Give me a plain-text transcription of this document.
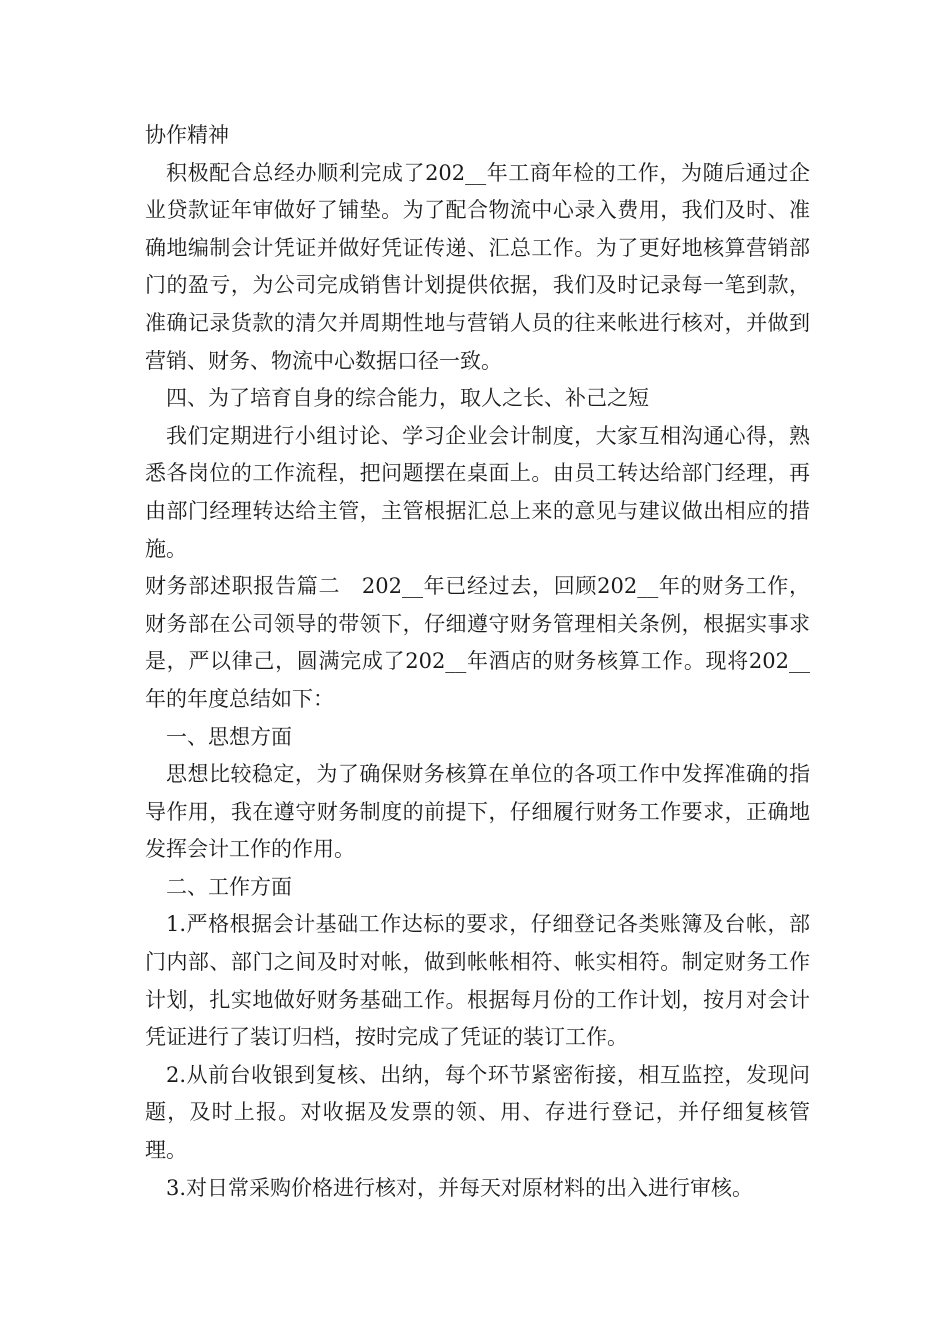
协作精神

积极配合总经办顺利完成了202__年工商年检的工作，为随后通过企业贷款证年审做好了铺垫。为了配合物流中心录入费用，我们及时、准确地编制会计凭证并做好凭证传递、汇总工作。为了更好地核算营销部门的盈亏，为公司完成销售计划提供依据，我们及时记录每一笔到款，准确记录货款的清欠并周期性地与营销人员的往来帐进行核对，并做到营销、财务、物流中心数据口径一致。

四、为了培育自身的综合能力，取人之长、补己之短

我们定期进行小组讨论、学习企业会计制度，大家互相沟通心得，熟悉各岗位的工作流程，把问题摆在桌面上。由员工转达给部门经理，再由部门经理转达给主管，主管根据汇总上来的意见与建议做出相应的措施。

财务部述职报告篇二　202__年已经过去，回顾202__年的财务工作，财务部在公司领导的带领下，仔细遵守财务管理相关条例，根据实事求是，严以律己，圆满完成了202__年酒店的财务核算工作。现将202__年的年度总结如下：

一、思想方面

思想比较稳定，为了确保财务核算在单位的各项工作中发挥准确的指导作用，我在遵守财务制度的前提下，仔细履行财务工作要求，正确地发挥会计工作的作用。

二、工作方面

1.严格根据会计基础工作达标的要求，仔细登记各类账簿及台帐，部门内部、部门之间及时对帐，做到帐帐相符、帐实相符。制定财务工作计划，扎实地做好财务基础工作。根据每月份的工作计划，按月对会计凭证进行了装订归档，按时完成了凭证的装订工作。

2.从前台收银到复核、出纳，每个环节紧密衔接，相互监控，发现问题，及时上报。对收据及发票的领、用、存进行登记，并仔细复核管理。

3.对日常采购价格进行核对，并每天对原材料的出入进行审核。
